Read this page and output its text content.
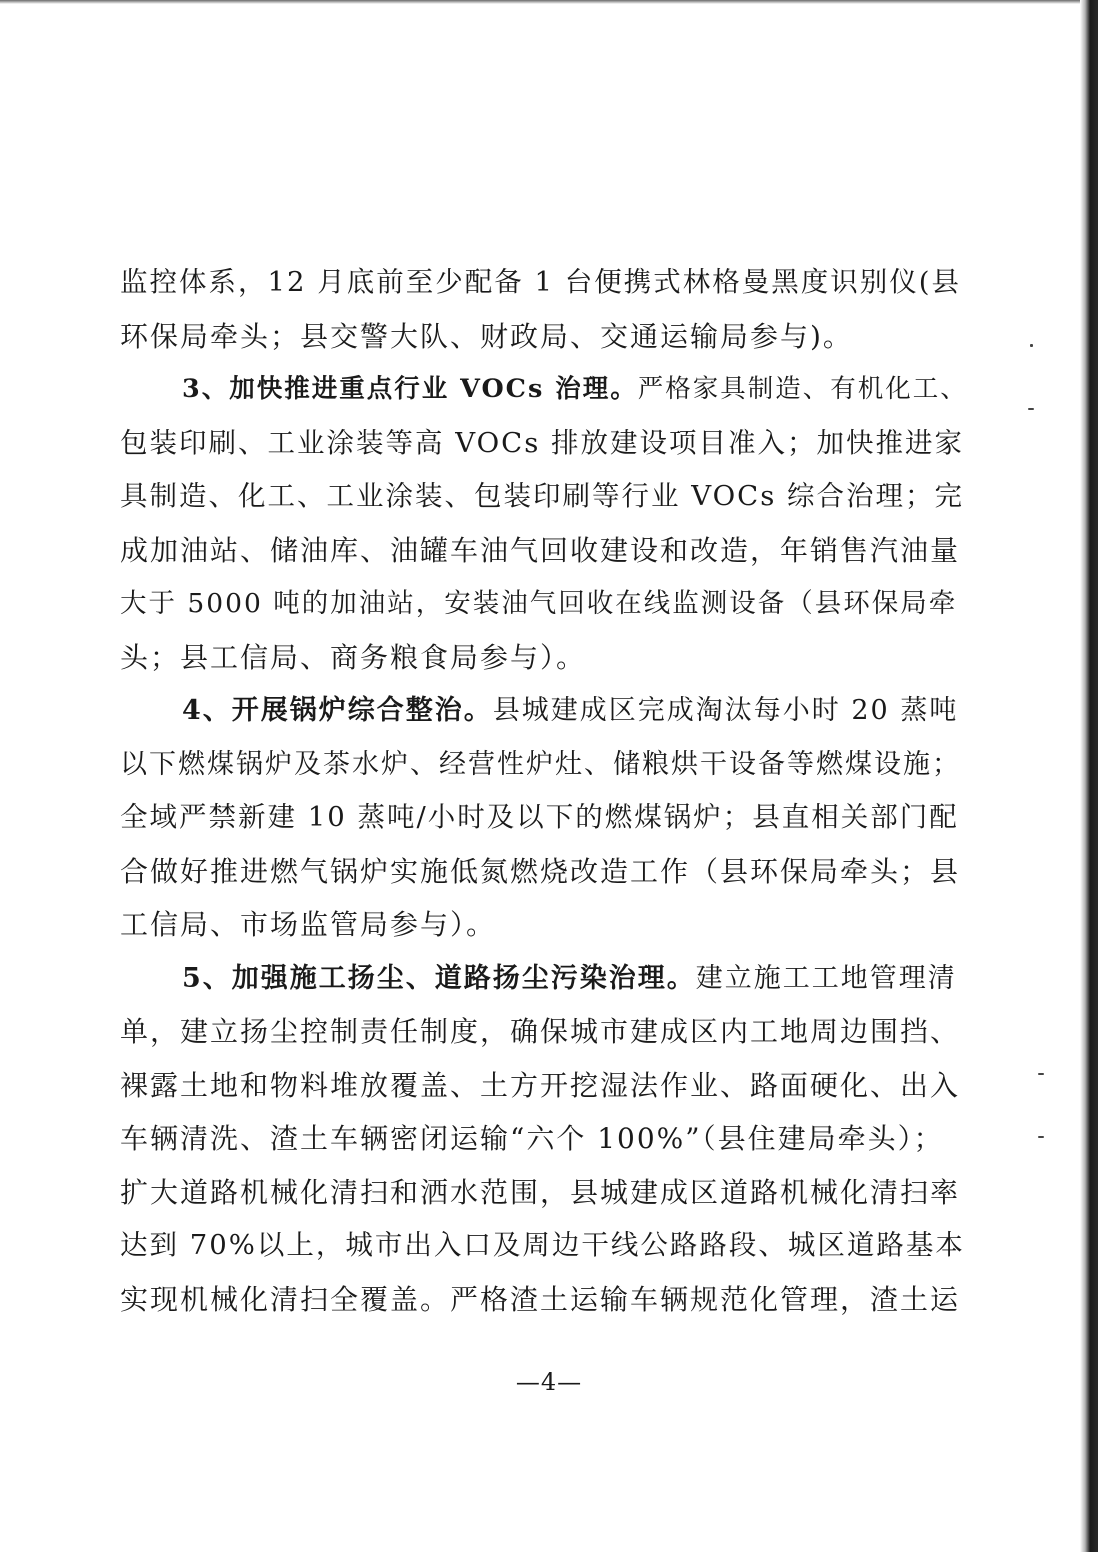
监控体系，12 月底前至少配备 1 台便携式林格曼黑度识别仪(县
环保局牵头；县交警大队、财政局、交通运输局参与)。
3、加快推进重点行业 VOCs 治理。严格家具制造、有机化工、
包装印刷、工业涂装等高 VOCs 排放建设项目准入；加快推进家
具制造、化工、工业涂装、包装印刷等行业 VOCs 综合治理；完
成加油站、储油库、油罐车油气回收建设和改造，年销售汽油量
大于 5000 吨的加油站，安装油气回收在线监测设备（县环保局牵
头；县工信局、商务粮食局参与）。
4、开展锅炉综合整治。县城建成区完成淘汰每小时 20 蒸吨
以下燃煤锅炉及茶水炉、经营性炉灶、储粮烘干设备等燃煤设施；
全域严禁新建 10 蒸吨/小时及以下的燃煤锅炉；县直相关部门配
合做好推进燃气锅炉实施低氮燃烧改造工作（县环保局牵头；县
工信局、市场监管局参与）。
5、加强施工扬尘、道路扬尘污染治理。建立施工工地管理清
单，建立扬尘控制责任制度，确保城市建成区内工地周边围挡、
裸露土地和物料堆放覆盖、土方开挖湿法作业、路面硬化、出入
车辆清洗、渣土车辆密闭运输“六个 100%”（县住建局牵头）；
扩大道路机械化清扫和洒水范围，县城建成区道路机械化清扫率
达到 70%以上，城市出入口及周边干线公路路段、城区道路基本
实现机械化清扫全覆盖。严格渣土运输车辆规范化管理，渣土运
—4—
